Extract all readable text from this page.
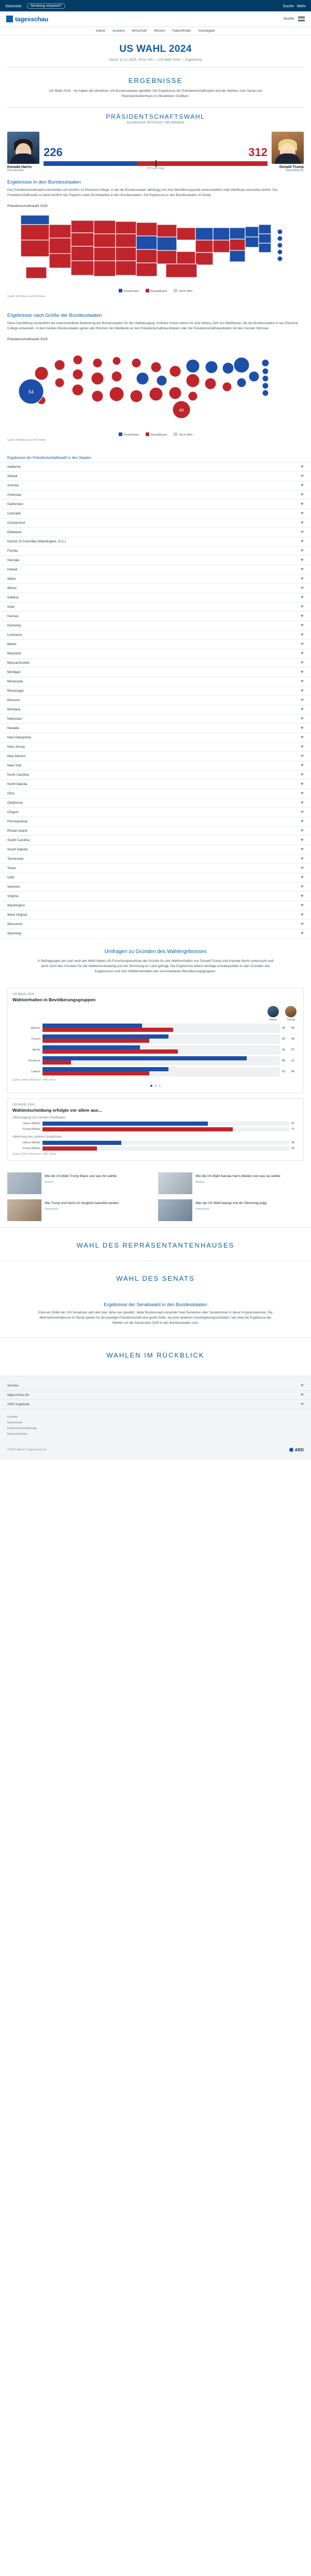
Startseite	Sendung verpasst?	Suche Mehr
tagesschau	Suche
Inland Ausland Wirtschaft Wissen Faktenfinder Investigativ
US WAHL 2024
Stand: 12.11.2024, 09:41 Uhr — US-Wahl 2024 — Ergebnisse
ERGEBNISSE
US-Wahl 2024 - So haben die einzelnen US-Bundesstaaten gewählt: Die Ergebnisse der Präsidentschaftswahl und der Wahlen zum Senat und Repräsentantenhaus in interaktiven Grafiken.
PRÄSIDENTSCHAFTSWAHL
Auszählstand: 99 Prozent / 538 Wahlleute
Kamala Harris
Demokraten
226	312
270 zum Sieg	Donald Trump
Republikaner
Ergebnisse in den Bundesstaaten
Das Präsidentschaftswahl entscheidet sich letztlich im Electoral College. In der die Bundesstaaten abhängig von ihrer Bevölkerungszahl unterschiedlich viele Wahlleute entsenden dürfen. Die Präsidentschaftswahl ist damit letztlich das Ergebnis vieler Einzelwahlen in den Bundesstaaten. Die Ergebnisse in den Bundesstaaten im Detail.
Präsidentschaftswahl 2024
Demokraten	Republikaner	Noch offen
Quelle: AP/Edison via AP-Partner
Ergebnisse nach Größe der Bundesstaaten
Diese Darstellung verdeutlicht die unterschiedliche Bedeutung der Bundesstaaten für den Wahlausgang: Größere Kreise stehen für eine höhere Zahl von Wahlleuten, die die Bundesstaaten in das Electoral College entsenden. In den meisten Bundesstaaten gehen alle Stimmen der Wahlleute an den Präsidentschaftskandidaten oder die Präsidentschaftskandidatin mit den meisten Stimmen.
Präsidentschaftswahl 2024
54
40
Demokraten	Republikaner	Noch offen
Quelle: AP/Edison via AP-Partner
Ergebnisse der Präsidentschaftswahl in den Staaten
Alabama
Alaska
Arizona
Arkansas
Kalifornien
Colorado
Connecticut
Delaware
District of Columbia (Washington, D.C.)
Florida
Georgia
Hawaii
Idaho
Illinois
Indiana
Iowa
Kansas
Kentucky
Louisiana
Maine
Maryland
Massachusetts
Michigan
Minnesota
Mississippi
Missouri
Montana
Nebraska
Nevada
New Hampshire
New Jersey
New Mexico
New York
North Carolina
North Dakota
Ohio
Oklahoma
Oregon
Pennsylvania
Rhode Island
South Carolina
South Dakota
Tennessee
Texas
Utah
Vermont
Virginia
Washington
West Virginia
Wisconsin
Wyoming
Umfragen zu Gründen des Wahlergebnisses
In Befragungen am und nach der Wahl haben US-Forschungsinstitute die Gründe für das Wahlverhalten von Donald Trump und Kamala Harris untersucht und auch nach den Gründen für die Wahlentscheidung und die Stimmung im Land gefragt. Die Ergebnisse liefern wichtige Anhaltspunkte zu den Gründen des Ergebnisses und zum Wählerverhalten der verschiedenen Bevölkerungsgruppen.
US-WAHL 2024
Wahlverhalten in Bevölkerungsgruppen
Harris	Trump
Männer	42	55
Frauen	53	45
Weiße	41	57
Schwarze	86	12
Latinos	53	45
Quelle: Edison Research / NBC News
US-WAHL 2024
Wahlentscheidung erfolgte vor allem aus...
Überzeugung von meinem Kandidaten
Harris-Wähler	67
Trump-Wähler	77
Ablehnung des anderen Kandidaten
Harris-Wähler	32
Trump-Wähler	22
Quelle: Edison Research / NBC News
Wie die US-Wahl Trump Bilanz und was ihn wählte
Analyse
Wie die US-Wahl Kamala Harris Medien und was sie wählte
Analyse
Wie Trump und Harris im Vergleich beachtet werden
Hintergrund
Was die US-Wahl bewegt und die Stimmung prägt
Hintergrund
WAHL DES REPRÄSENTANTENHAUSES
WAHL DES SENATS
Ergebnisse der Senatswahl in den Bundesstaaten

Etwa ein Drittel der 100 Senatoren wird alle zwei Jahre neu gewählt. Jeder Bundesstaat entsendet zwei Senatoren oder Senatorinnen in diese Kongresskammer. Die Mehrheitsverhältnisse im Senat spielen für die jeweilige Präsidentschaft eine große Rolle, da unter anderem Gesetzgebungsvorhaben, wie etwa die Ergebnisse der Wahlen um die Senatssitze 2024 in den Bundesstaaten sind.

WAHLEN IM RÜCKBLICK
Service
tagesschau.de
ARD Angebote
Kontakt
Impressum
Datenschutzerklärung
Barrierefreiheit
© ARD-aktuell / tagesschau.de	ARD
